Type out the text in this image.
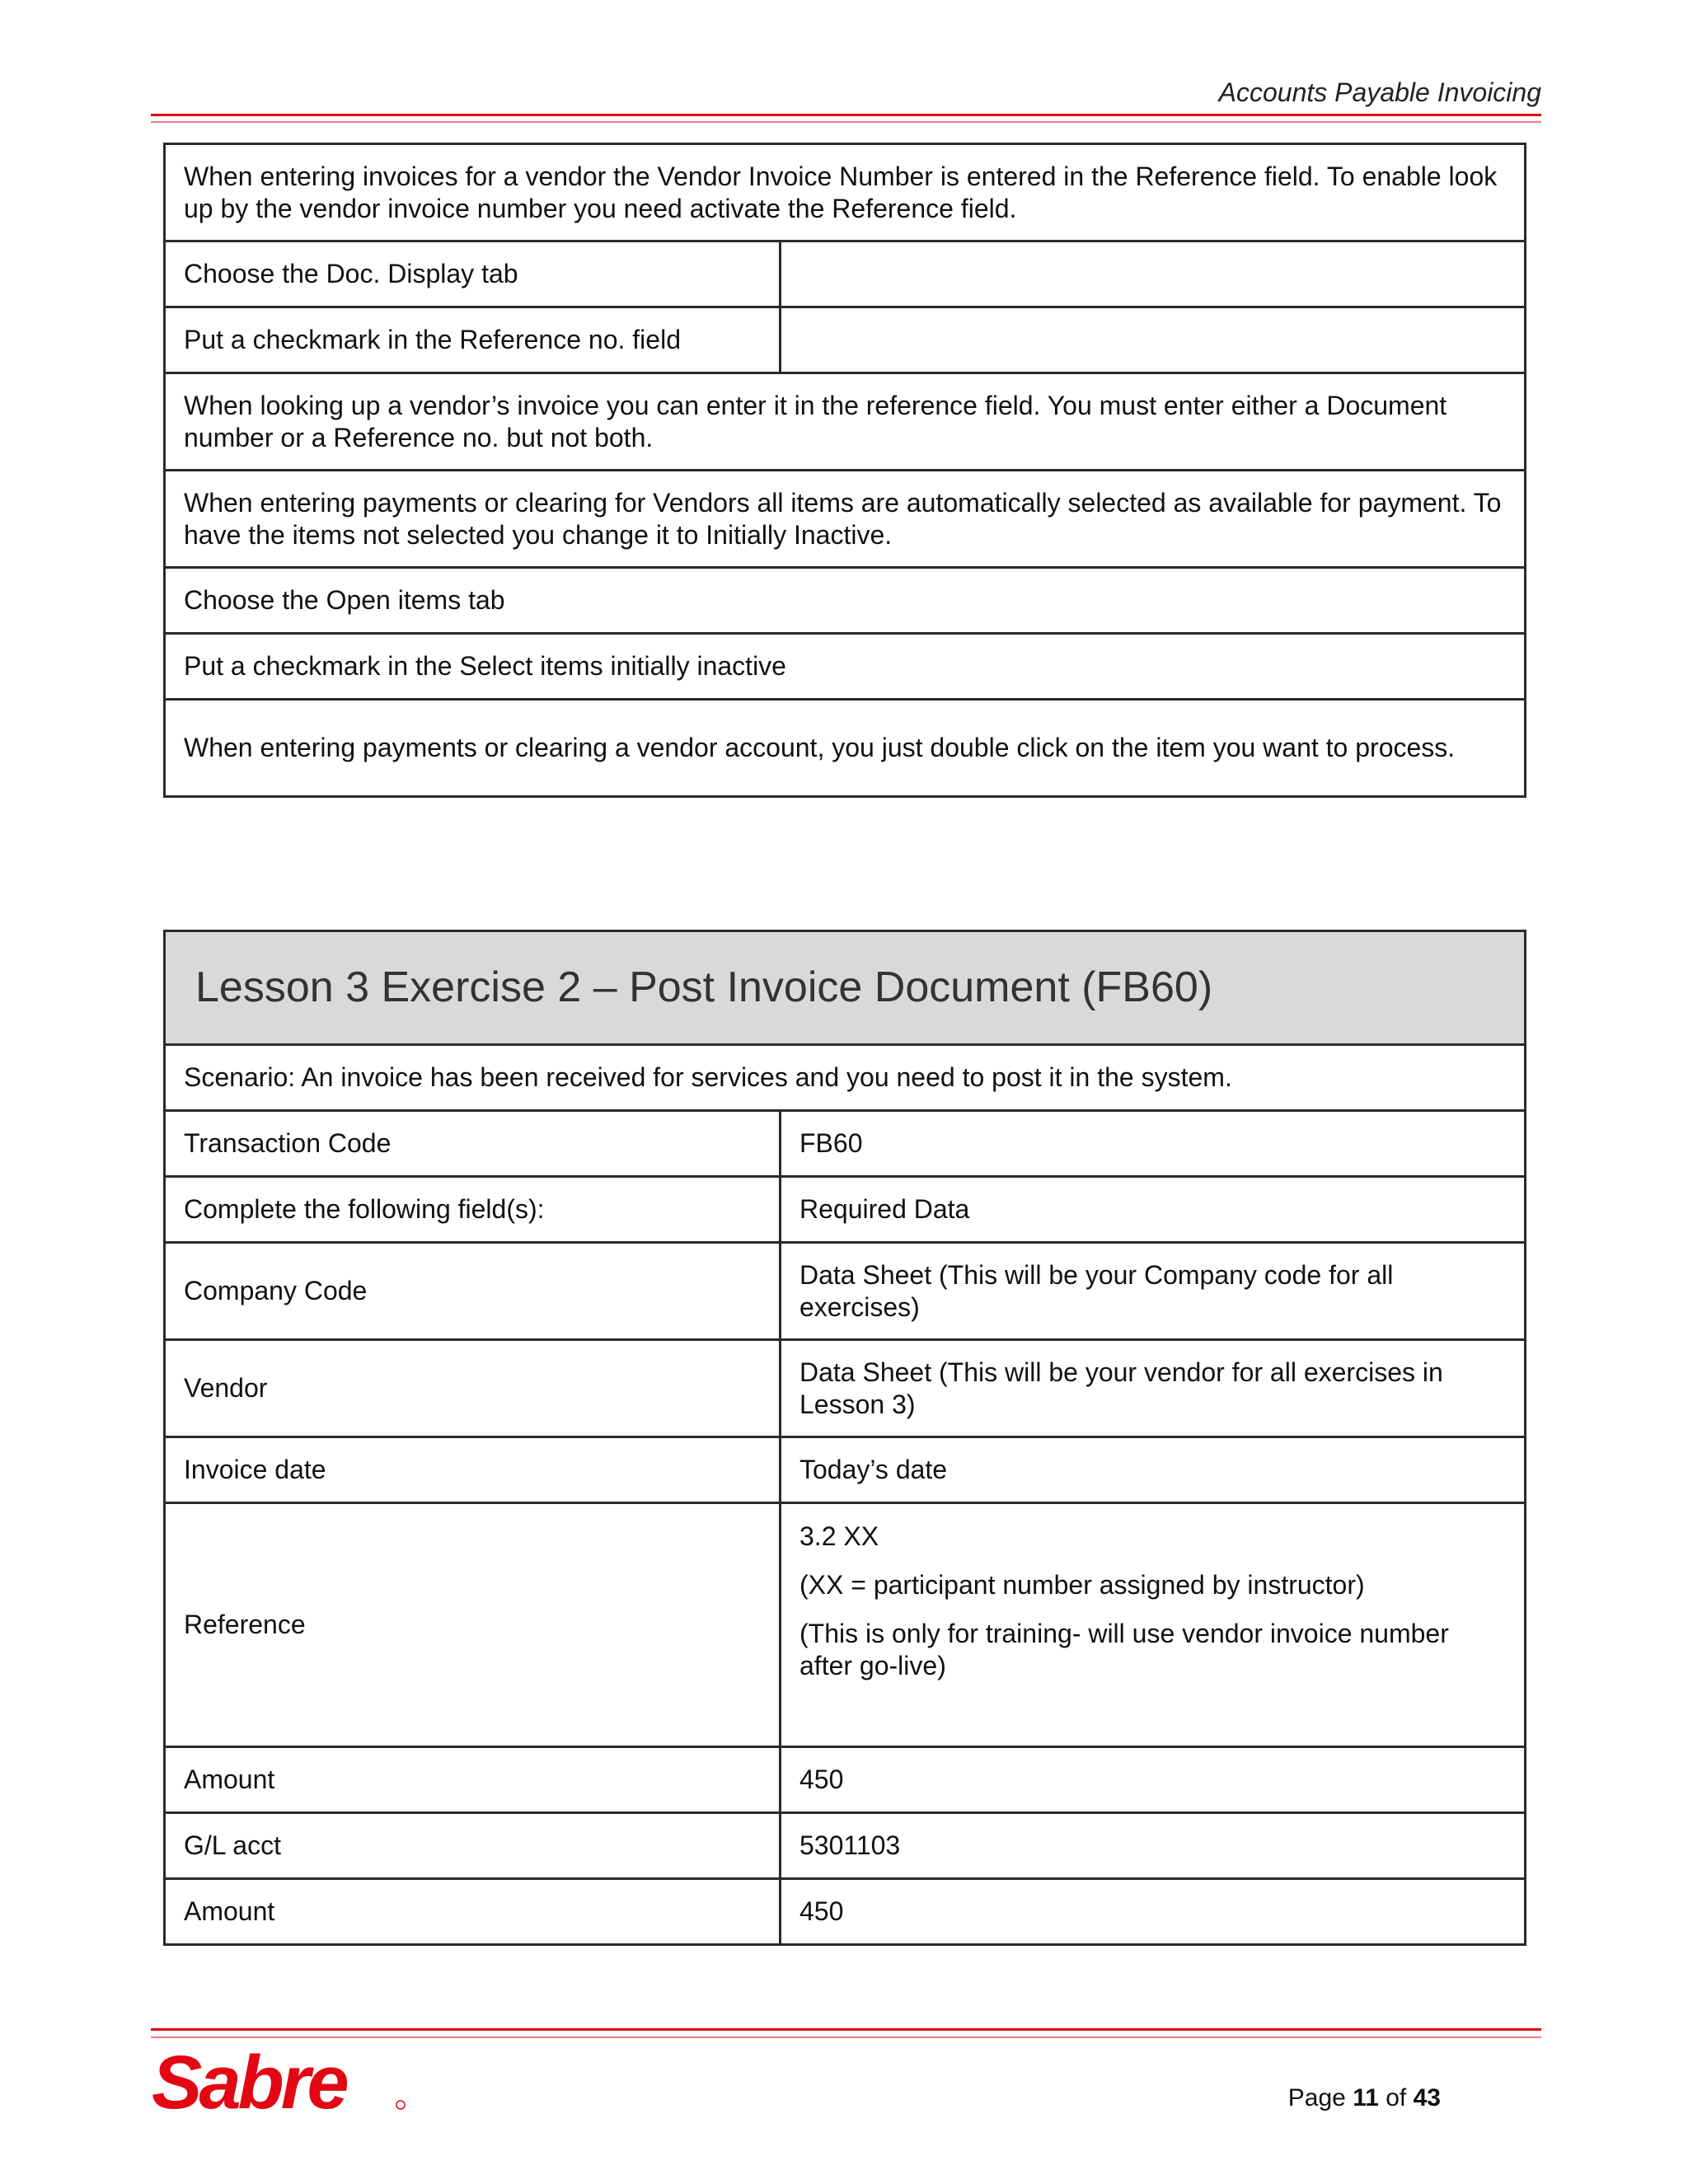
Accounts Payable Invoicing
When entering invoices for a vendor the Vendor Invoice Number is entered in the Reference field. To enable look up by the vendor invoice number you need activate the Reference field.	
Choose the Doc. Display tab	
Put a checkmark in the Reference no. field	
When looking up a vendor’s invoice you can enter it in the reference field. You must enter either a Document number or a Reference no. but not both.	
When entering payments or clearing for Vendors all items are automatically selected as available for payment. To have the items not selected you change it to Initially Inactive.	
Choose the Open items tab	
Put a checkmark in the Select items initially inactive	
When entering payments or clearing a vendor account, you just double click on the item you want to process.	
Lesson 3 Exercise 2 – Post Invoice Document (FB60)	
Scenario: An invoice has been received for services and you need to post it in the system.	
Transaction Code	FB60
Complete the following field(s):	Required Data
Company Code	Data Sheet (This will be your Company code for all exercises)
Vendor	Data Sheet (This will be your vendor for all exercises in Lesson 3)
Invoice date	Today’s date
Reference	3.2 XX

(XX = participant number assigned by instructor)

(This is only for training- will use vendor invoice number after go-live)

Amount	450
G/L acct	5301103
Amount	450
Sabre	Page 11 of 43
